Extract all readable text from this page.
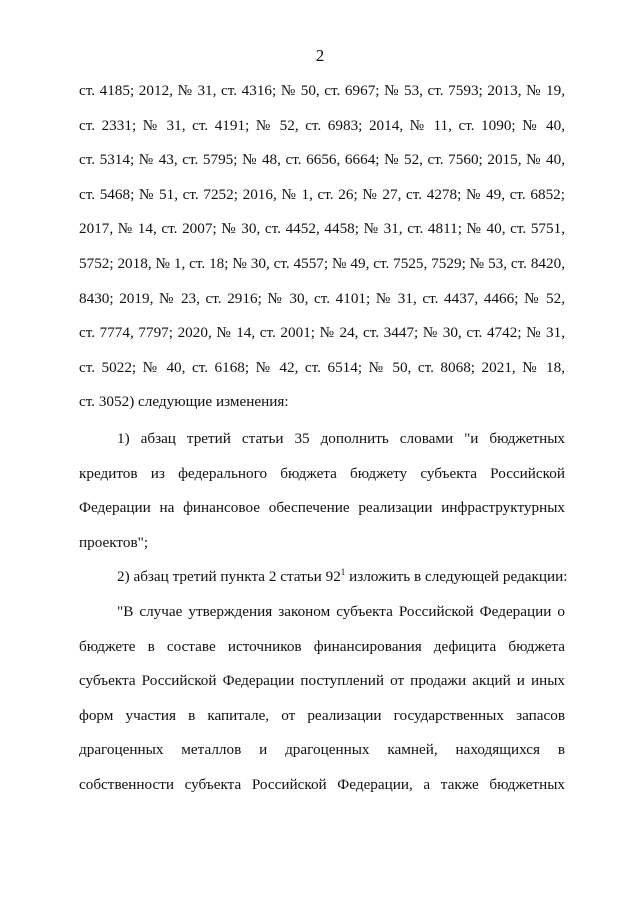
2
ст. 4185; 2012, № 31, ст. 4316; № 50, ст. 6967; № 53, ст. 7593; 2013, № 19,
ст. 2331; № 31, ст. 4191; № 52, ст. 6983; 2014, № 11, ст. 1090; № 40,
ст. 5314; № 43, ст. 5795; № 48, ст. 6656, 6664; № 52, ст. 7560; 2015, № 40,
ст. 5468; № 51, ст. 7252; 2016, № 1, ст. 26; № 27, ст. 4278; № 49, ст. 6852;
2017, № 14, ст. 2007; № 30, ст. 4452, 4458; № 31, ст. 4811; № 40, ст. 5751,
5752; 2018, № 1, ст. 18; № 30, ст. 4557; № 49, ст. 7525, 7529; № 53, ст. 8420,
8430; 2019, № 23, ст. 2916; № 30, ст. 4101; № 31, ст. 4437, 4466; № 52,
ст. 7774, 7797; 2020, № 14, ст. 2001; № 24, ст. 3447; № 30, ст. 4742; № 31,
ст. 5022; № 40, ст. 6168; № 42, ст. 6514; № 50, ст. 8068; 2021, № 18,
ст. 3052) следующие изменения:
1) абзац третий статьи 35 дополнить словами "и бюджетных
кредитов из федерального бюджета бюджету субъекта Российской
Федерации на финансовое обеспечение реализации инфраструктурных
проектов";
2) абзац третий пункта 2 статьи $92^1$ изложить в следующей редакции:
"В случае утверждения законом субъекта Российской Федерации о
бюджете в составе источников финансирования дефицита бюджета
субъекта Российской Федерации поступлений от продажи акций и иных
форм участия в капитале, от реализации государственных запасов
драгоценных металлов и драгоценных камней, находящихся в
собственности субъекта Российской Федерации, а также бюджетных
